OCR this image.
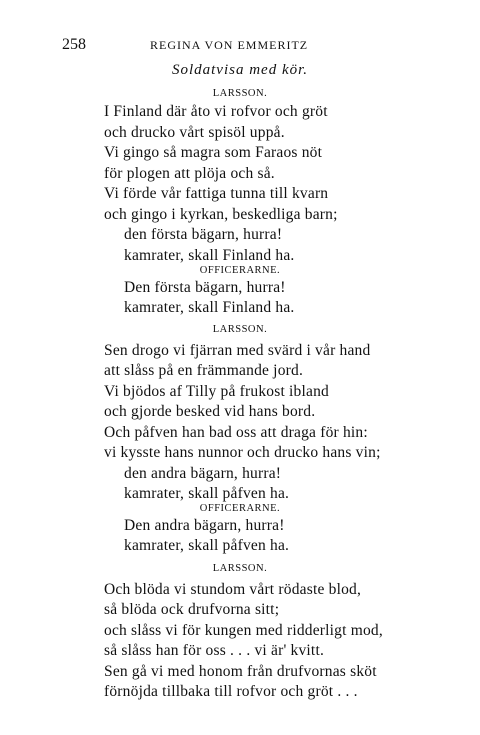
258	REGINA VON EMMERITZ
Soldatvisa med kör.
LARSSON.
I Finland där åto vi rofvor och gröt
och drucko vårt spisöl uppå.
Vi gingo så magra som Faraos nöt
för plogen att plöja och så.
Vi förde vår fattiga tunna till kvarn
och gingo i kyrkan, beskedliga barn;
den första bägarn, hurra!
kamrater, skall Finland ha.
OFFICERARNE.
Den första bägarn, hurra!
kamrater, skall Finland ha.
LARSSON.
Sen drogo vi fjärran med svärd i vår hand
att slåss på en främmande jord.
Vi bjödos af Tilly på frukost ibland
och gjorde besked vid hans bord.
Och påfven han bad oss att draga för hin:
vi kysste hans nunnor och drucko hans vin;
den andra bägarn, hurra!
kamrater, skall påfven ha.
OFFICERARNE.
Den andra bägarn, hurra!
kamrater, skall påfven ha.
LARSSON.
Och blöda vi stundom vårt rödaste blod,
så blöda ock drufvorna sitt;
och slåss vi för kungen med ridderligt mod,
så slåss han för oss . . . vi är' kvitt.
Sen gå vi med honom från drufvornas sköt
förnöjda tillbaka till rofvor och gröt . . .
